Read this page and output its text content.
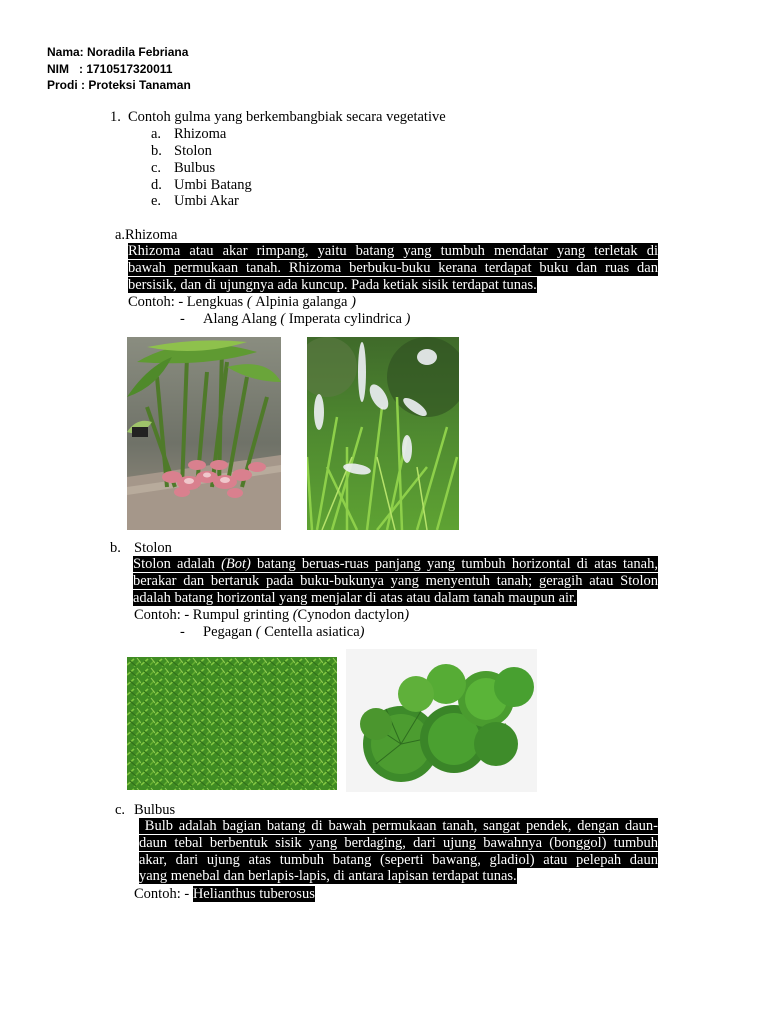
Nama: Noradila Febriana
NIM   : 1710517320011
Prodi : Proteksi Tanaman
1. Contoh gulma yang berkembangbiak secara vegetative
a. Rhizoma
b. Stolon
c. Bulbus
d. Umbi Batang
e. Umbi Akar
a.Rhizoma
Rhizoma atau akar rimpang, yaitu batang yang tumbuh mendatar yang terletak di
bawah permukaan tanah. Rhizoma berbuku-buku kerana terdapat buku dan ruas dan
bersisik, dan di ujungnya ada kuncup. Pada ketiak sisik terdapat tunas.
Contoh: - Lengkuas ( Alpinia galanga )
- Alang Alang ( Imperata cylindrica )
b. Stolon
Stolon adalah (Bot) batang beruas-ruas panjang yang tumbuh horizontal di atas tanah,
berakar dan bertaruk pada buku-bukunya yang menyentuh tanah; geragih atau Stolon
adalah batang horizontal yang menjalar di atas atau dalam tanah maupun air.
Contoh: - Rumpul grinting (Cynodon dactylon)
- Pegagan ( Centella asiatica)
c. Bulbus
Bulb adalah bagian batang di bawah permukaan tanah, sangat pendek, dengan daun-
daun tebal berbentuk sisik yang berdaging, dari ujung bawahnya (bonggol) tumbuh
akar, dari ujung atas tumbuh batang (seperti bawang, gladiol) atau pelepah daun
yang menebal dan berlapis-lapis, di antara lapisan terdapat tunas.
Contoh: - Helianthus tuberosus
